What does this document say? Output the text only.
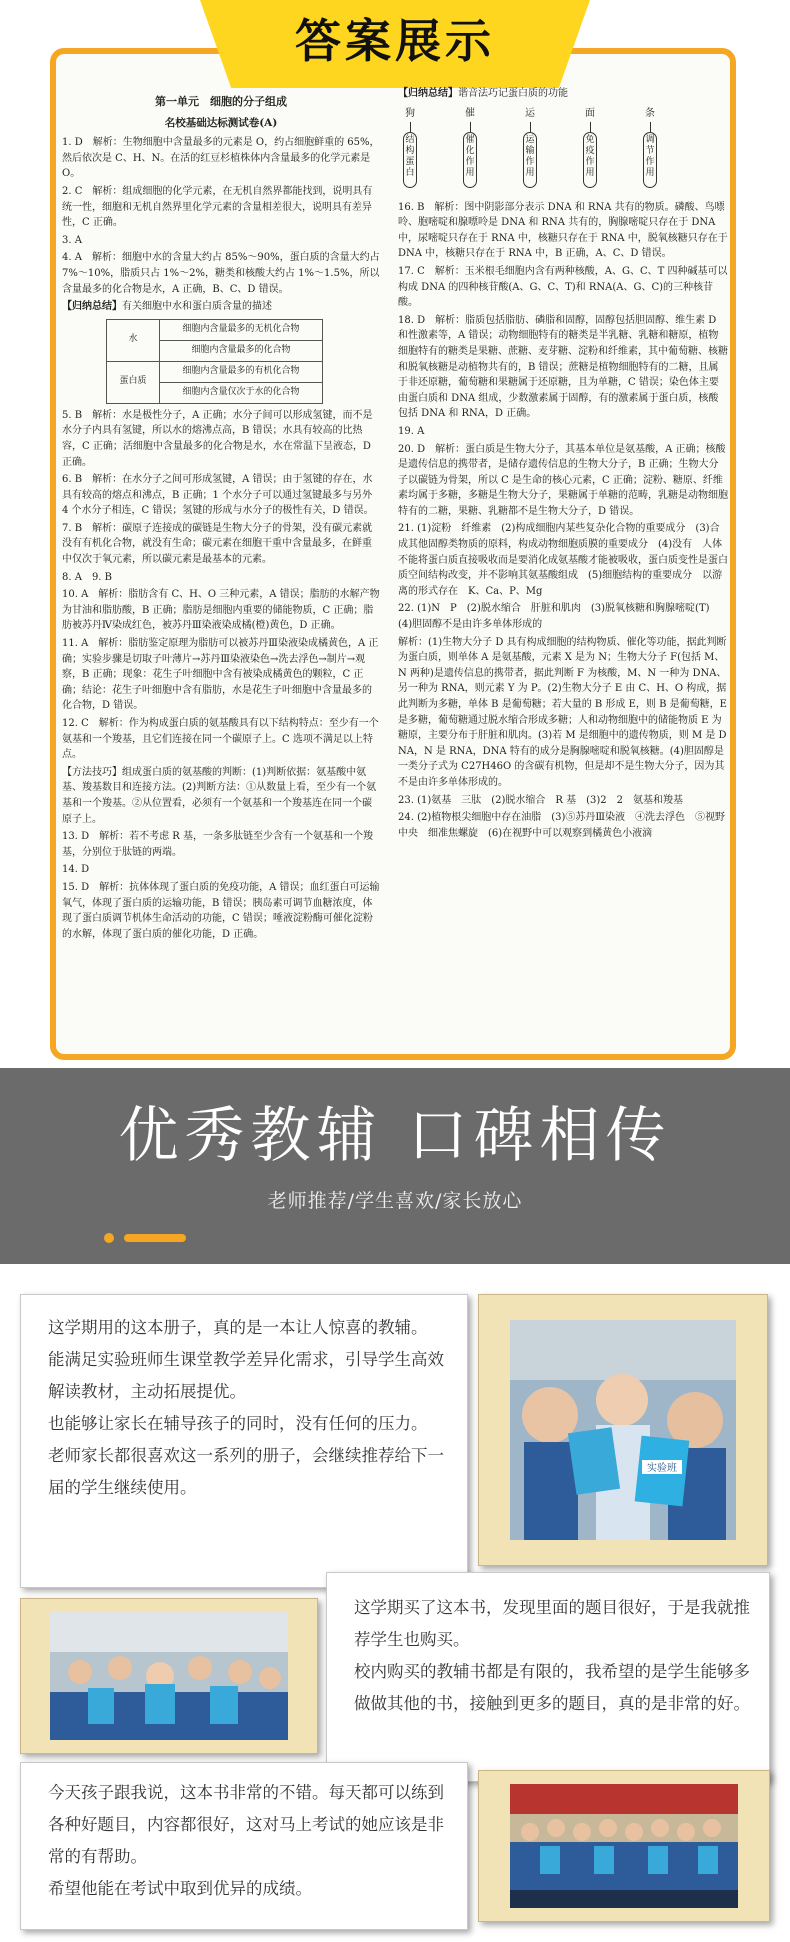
答案展示
第一单元　细胞的分子组成
名校基础达标测试卷(A)

1. D　解析：生物细胞中含量最多的元素是 O，约占细胞鲜重的 65%，然后依次是 C、H、N。在活的红豆杉植株体内含量最多的化学元素是 O。

2. C　解析：组成细胞的化学元素，在无机自然界都能找到，说明具有统一性，细胞和无机自然界里化学元素的含量相差很大，说明具有差异性，C 正确。

3. A

4. A　解析：细胞中水的含量大约占 85%～90%，蛋白质的含量大约占 7%～10%，脂质只占 1%～2%，糖类和核酸大约占 1%～1.5%，所以含量最多的化合物是水，A 正确，B、C、D 错误。

【归纳总结】有关细胞中水和蛋白质含量的描述

水	细胞内含量最多的无机化合物
	细胞内含量最多的化合物
蛋白质	细胞内含量最多的有机化合物
	细胞内含量仅次于水的化合物

5. B　解析：水是极性分子，A 正确；水分子间可以形成氢键，而不是水分子内具有氢键，所以水的熔沸点高，B 错误；水具有较高的比热容，C 正确；活细胞中含量最多的化合物是水，水在常温下呈液态，D 正确。

6. B　解析：在水分子之间可形成氢键，A 错误；由于氢键的存在，水具有较高的熔点和沸点，B 正确；1 个水分子可以通过氢键最多与另外 4 个水分子相连，C 错误；氢键的形成与水分子的极性有关，D 错误。

7. B　解析：碳原子连接成的碳链是生物大分子的骨架，没有碳元素就没有有机化合物，就没有生命；碳元素在细胞干重中含量最多，在鲜重中仅次于氧元素，所以碳元素是最基本的元素。

8. A　9. B

10. A　解析：脂肪含有 C、H、O 三种元素，A 错误；脂肪的水解产物为甘油和脂肪酸，B 正确；脂肪是细胞内重要的储能物质，C 正确；脂肪被苏丹Ⅳ染成红色，被苏丹Ⅲ染液染成橘(橙)黄色，D 正确。

11. A　解析：脂肪鉴定原理为脂肪可以被苏丹Ⅲ染液染成橘黄色，A 正确；实验步骤是切取子叶薄片→苏丹Ⅲ染液染色→洗去浮色→制片→观察，B 正确；现象：花生子叶细胞中含有被染成橘黄色的颗粒，C 正确；结论：花生子叶细胞中含有脂肪，水是花生子叶细胞中含量最多的化合物，D 错误。

12. C　解析：作为构成蛋白质的氨基酸具有以下结构特点：至少有一个氨基和一个羧基，且它们连接在同一个碳原子上。C 选项不满足以上特点。

【方法技巧】组成蛋白质的氨基酸的判断：(1)判断依据：氨基酸中氨基、羧基数目和连接方法。(2)判断方法：①从数量上看，至少有一个氨基和一个羧基。②从位置看，必须有一个氨基和一个羧基连在同一个碳原子上。

13. D　解析：若不考虑 R 基，一条多肽链至少含有一个氨基和一个羧基，分别位于肽链的两端。

14. D

15. D　解析：抗体体现了蛋白质的免疫功能，A 错误；血红蛋白可运输氧气，体现了蛋白质的运输功能，B 错误；胰岛素可调节血糖浓度，体现了蛋白质调节机体生命活动的功能，C 错误；唾液淀粉酶可催化淀粉的水解，体现了蛋白质的催化功能，D 正确。

【归纳总结】谐音法巧记蛋白质的功能

狗
结构蛋白
催
催化作用
运
运输作用
面
免疫作用
条
调节作用

16. B　解析：图中阴影部分表示 DNA 和 RNA 共有的物质。磷酸、鸟嘌呤、胞嘧啶和腺嘌呤是 DNA 和 RNA 共有的，胸腺嘧啶只存在于 DNA 中，尿嘧啶只存在于 RNA 中，核糖只存在于 RNA 中，脱氧核糖只存在于 DNA 中，核糖只存在于 RNA 中，B 正确，A、C、D 错误。

17. C　解析：玉米根毛细胞内含有两种核酸，A、G、C、T 四种碱基可以构成 DNA 的四种核苷酸(A、G、C、T)和 RNA(A、G、C)的三种核苷酸。

18. D　解析：脂质包括脂肪、磷脂和固醇，固醇包括胆固醇、维生素 D 和性激素等，A 错误；动物细胞特有的糖类是半乳糖、乳糖和糖原，植物细胞特有的糖类是果糖、蔗糖、麦芽糖、淀粉和纤维素，其中葡萄糖、核糖和脱氧核糖是动植物共有的，B 错误；蔗糖是植物细胞特有的二糖，且属于非还原糖，葡萄糖和果糖属于还原糖，且为单糖，C 错误；染色体主要由蛋白质和 DNA 组成，少数激素属于固醇，有的激素属于蛋白质，核酸包括 DNA 和 RNA，D 正确。

19. A

20. D　解析：蛋白质是生物大分子，其基本单位是氨基酸，A 正确；核酸是遗传信息的携带者，是储存遗传信息的生物大分子，B 正确；生物大分子以碳链为骨架，所以 C 是生命的核心元素，C 正确；淀粉、糖原、纤维素均属于多糖，多糖是生物大分子，果糖属于单糖的范畴，乳糖是动物细胞特有的二糖，果糖、乳糖都不是生物大分子，D 错误。

21. (1)淀粉　纤维素　(2)构成细胞内某些复杂化合物的重要成分　(3)合成其他固醇类物质的原料，构成动物细胞质膜的重要成分　(4)没有　人体不能将蛋白质直接吸收而是要消化成氨基酸才能被吸收，蛋白质变性是蛋白质空间结构改变，并不影响其氨基酸组成　(5)细胞结构的重要成分　以游离的形式存在　K、Ca、P、Mg

22. (1)N　P　(2)脱水缩合　肝脏和肌肉　(3)脱氧核糖和胸腺嘧啶(T)　(4)胆固醇不是由许多单体形成的

解析：(1)生物大分子 D 具有构成细胞的结构物质、催化等功能，据此判断为蛋白质，则单体 A 是氨基酸，元素 X 是为 N；生物大分子 F(包括 M、N 两种)是遗传信息的携带者，据此判断 F 为核酸，M、N 一种为 DNA、另一种为 RNA，则元素 Y 为 P。(2)生物大分子 E 由 C、H、O 构成，据此判断为多糖，单体 B 是葡萄糖；若大量的 B 形成 E，则 B 是葡萄糖，E 是多糖，葡萄糖通过脱水缩合形成多糖；人和动物细胞中的储能物质 E 为糖原，主要分布于肝脏和肌肉。(3)若 M 是细胞中的遗传物质，则 M 是 DNA，N 是 RNA，DNA 特有的成分是胸腺嘧啶和脱氧核糖。(4)胆固醇是一类分子式为 C27H46O 的含碳有机物，但是却不是生物大分子，因为其不是由许多单体形成的。

23. (1)氨基　三肽　(2)脱水缩合　R 基　(3)2　2　氨基和羧基

24. (2)植物根尖细胞中存在油脂　(3)⑤苏丹Ⅲ染液　④洗去浮色　⑤视野中央　细准焦螺旋　(6)在视野中可以观察到橘黄色小液滴

优秀教辅 口碑相传
老师推荐/学生喜欢/家长放心

这学期用的这本册子，真的是一本让人惊喜的教辅。

能满足实验班师生课堂教学差异化需求，引导学生高效解读教材，主动拓展提优。

也能够让家长在辅导孩子的同时，没有任何的压力。

老师家长都很喜欢这一系列的册子，会继续推荐给下一届的学生继续使用。

实验班

这学期买了这本书，发现里面的题目很好，于是我就推荐学生也购买。

校内购买的教辅书都是有限的，我希望的是学生能够多做做其他的书，接触到更多的题目，真的是非常的好。

今天孩子跟我说，这本书非常的不错。每天都可以练到各种好题目，内容都很好，这对马上考试的她应该是非常的有帮助。

希望他能在考试中取到优异的成绩。
